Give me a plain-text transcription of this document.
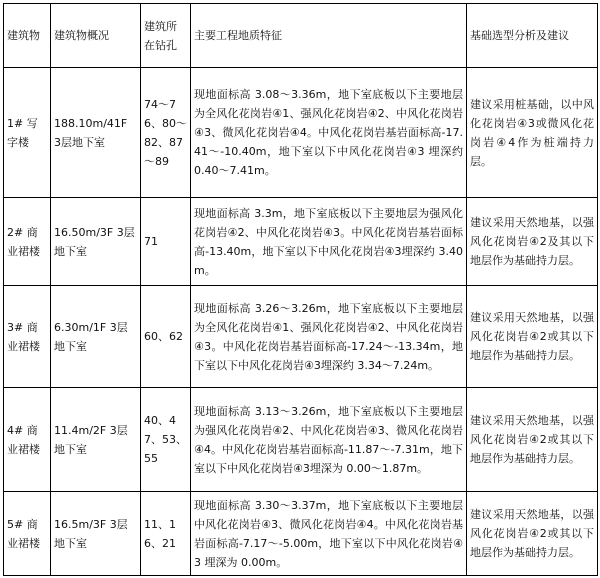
建筑物	建筑物概况	建筑所在钻孔	主要工程地质特征	基础选型分析及建议
1# 写字楼	188.10m/41F 3层地下室	74～76、80～82、87～89	现地面标高 3.08～3.36m，地下室底板以下主要地层为全风化花岗岩④1、强风化花岗岩④2、中风化花岗岩④3、微风化花岗岩④4。中风化花岗岩基岩面标高-17.41～-10.40m，地下室以下中风化花岗岩④3 埋深约 0.40～7.41m。	建议采用桩基础，以中风化花岗岩④3或微风化花岗岩④4作为桩端持力层。
2# 商业裙楼	16.50m/3F 3层地下室	71	现地面标高 3.3m，地下室底板以下主要地层为强风化花岗岩④2、中风化花岗岩④3。中风化花岗岩基岩面标高-13.40m，地下室以下中风化花岗岩④3埋深约 3.40m。	建议采用天然地基，以强风化花岗岩④2及其以下地层作为基础持力层。
3# 商业裙楼	6.30m/1F 3层地下室	60、62	现地面标高 3.26～3.26m，地下室底板以下主要地层为全风化花岗岩④1、强风化花岗岩④2、中风化花岗岩④3。中风化花岗岩基岩面标高-17.24～-13.34m，地下室以下中风化花岗岩④3埋深约 3.34～7.24m。	建议采用天然地基，以强风化花岗岩④2或其以下地层作为基础持力层。
4# 商业裙楼	11.4m/2F 3层地下室	40、47、53、55	现地面标高 3.13～3.26m，地下室底板以下主要地层为强风化花岗岩④2、中风化花岗岩④3、微风化花岗岩④4。中风化花岗岩基岩面标高-11.87～-7.31m，地下室以下中风化花岗岩④3埋深为 0.00～1.87m。	建议采用天然地基，以强风化花岗岩④2或其以下地层作为基础持力层。
5# 商业裙楼	16.5m/3F 3层地下室	11、16、21	现地面标高 3.30～3.37m，地下室底板以下主要地层中风化花岗岩④3、微风化花岗岩④4。中风化花岗岩基岩面标高-7.17～-5.00m，地下室以下中风化花岗岩④3 埋深为 0.00m。	建议采用天然地基，以强风化花岗岩④2或其以下地层作为基础持力层。
